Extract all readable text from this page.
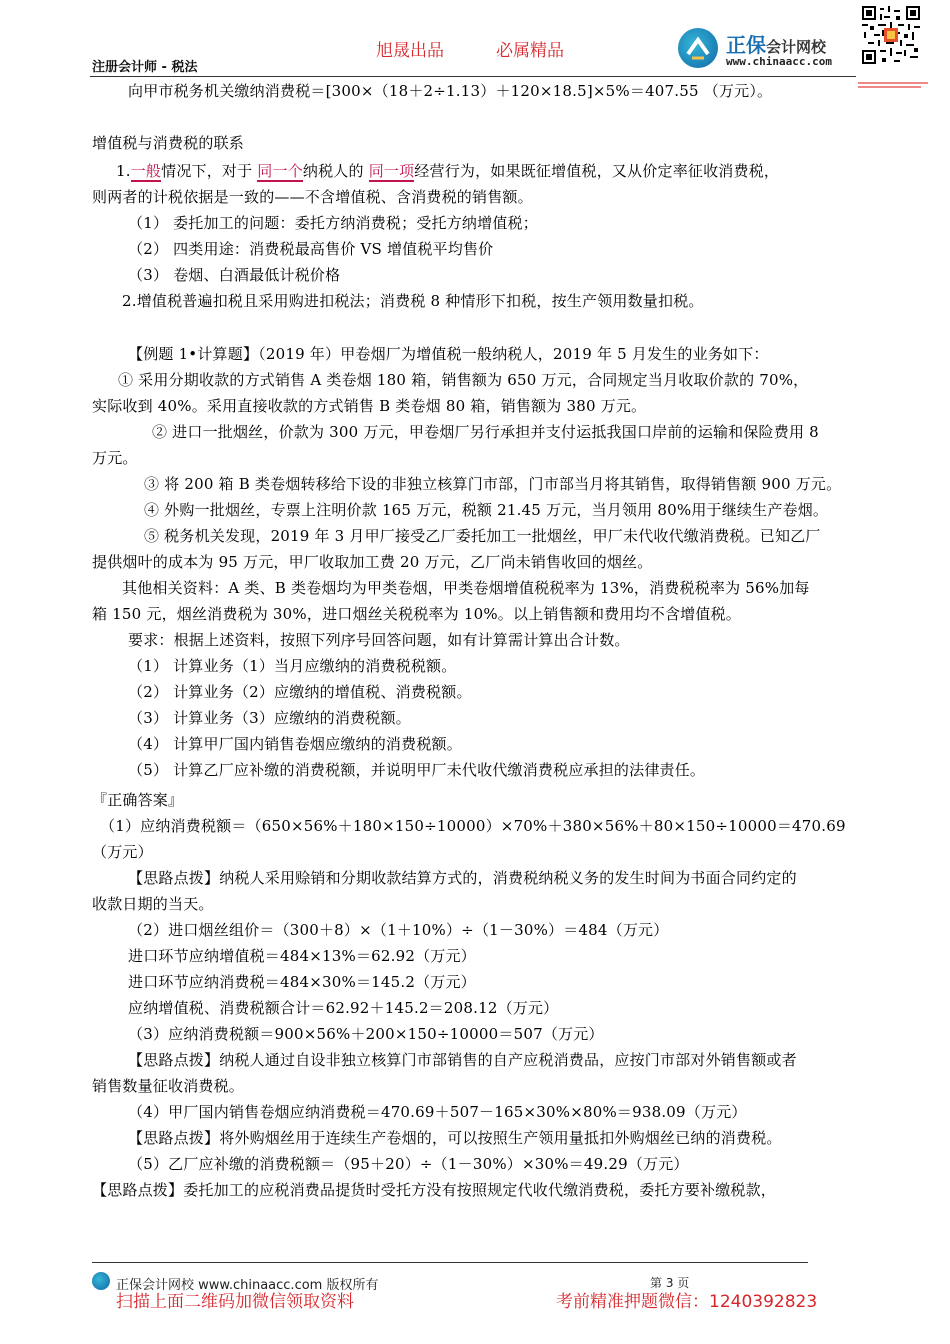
旭晟出品	必属精品
注册会计师 - 税法
正保会计网校
www.chinaacc.com
向甲市税务机关缴纳消费税＝[300×（18＋2÷1.13）＋120×18.5]×5%＝407.55 （万元）。
增值税与消费税的联系
1.一般情况下，对于 同一个纳税人的 同一项经营行为，如果既征增值税，又从价定率征收消费税，
则两者的计税依据是一致的——不含增值税、含消费税的销售额。
（1） 委托加工的问题：委托方纳消费税；受托方纳增值税；
（2） 四类用途：消费税最高售价 VS 增值税平均售价
（3） 卷烟、白酒最低计税价格
2.增值税普遍扣税且采用购进扣税法；消费税 8 种情形下扣税，按生产领用数量扣税。
【例题 1•计算题】（2019 年）甲卷烟厂为增值税一般纳税人，2019 年 5 月发生的业务如下：
① 采用分期收款的方式销售 A 类卷烟 180 箱，销售额为 650 万元，合同规定当月收取价款的 70%，
实际收到 40%。采用直接收款的方式销售 B 类卷烟 80 箱，销售额为 380 万元。
② 进口一批烟丝，价款为 300 万元，甲卷烟厂另行承担并支付运抵我国口岸前的运输和保险费用 8
万元。
③ 将 200 箱 B 类卷烟转移给下设的非独立核算门市部，门市部当月将其销售，取得销售额 900 万元。
④ 外购一批烟丝，专票上注明价款 165 万元，税额 21.45 万元，当月领用 80%用于继续生产卷烟。
⑤ 税务机关发现，2019 年 3 月甲厂接受乙厂委托加工一批烟丝，甲厂未代收代缴消费税。已知乙厂
提供烟叶的成本为 95 万元，甲厂收取加工费 20 万元，乙厂尚未销售收回的烟丝。
其他相关资料：A 类、B 类卷烟均为甲类卷烟，甲类卷烟增值税税率为 13%，消费税税率为 56%加每
箱 150 元，烟丝消费税为 30%，进口烟丝关税税率为 10%。以上销售额和费用均不含增值税。
要求：根据上述资料，按照下列序号回答问题，如有计算需计算出合计数。
（1） 计算业务（1）当月应缴纳的消费税税额。
（2） 计算业务（2）应缴纳的增值税、消费税额。
（3） 计算业务（3）应缴纳的消费税额。
（4） 计算甲厂国内销售卷烟应缴纳的消费税额。
（5） 计算乙厂应补缴的消费税额，并说明甲厂未代收代缴消费税应承担的法律责任。
『正确答案』
（1）应纳消费税额＝（650×56%＋180×150÷10000）×70%＋380×56%＋80×150÷10000＝470.69
（万元）
【思路点拨】纳税人采用赊销和分期收款结算方式的，消费税纳税义务的发生时间为书面合同约定的
收款日期的当天。
（2）进口烟丝组价＝（300＋8）×（1＋10%）÷（1－30%）＝484（万元）
进口环节应纳增值税＝484×13%＝62.92（万元）
进口环节应纳消费税＝484×30%＝145.2（万元）
应纳增值税、消费税额合计＝62.92＋145.2＝208.12（万元）
（3）应纳消费税额＝900×56%＋200×150÷10000＝507（万元）
【思路点拨】纳税人通过自设非独立核算门市部销售的自产应税消费品，应按门市部对外销售额或者
销售数量征收消费税。
（4）甲厂国内销售卷烟应纳消费税＝470.69＋507－165×30%×80%＝938.09（万元）
【思路点拨】将外购烟丝用于连续生产卷烟的，可以按照生产领用量抵扣外购烟丝已纳的消费税。
（5）乙厂应补缴的消费税额＝（95＋20）÷（1－30%）×30%＝49.29（万元）
【思路点拨】委托加工的应税消费品提货时受托方没有按照规定代收代缴消费税，委托方要补缴税款，
正保会计网校 www.chinaacc.com 版权所有	第 3 页
扫描上面二维码加微信领取资料	考前精准押题微信：1240392823
